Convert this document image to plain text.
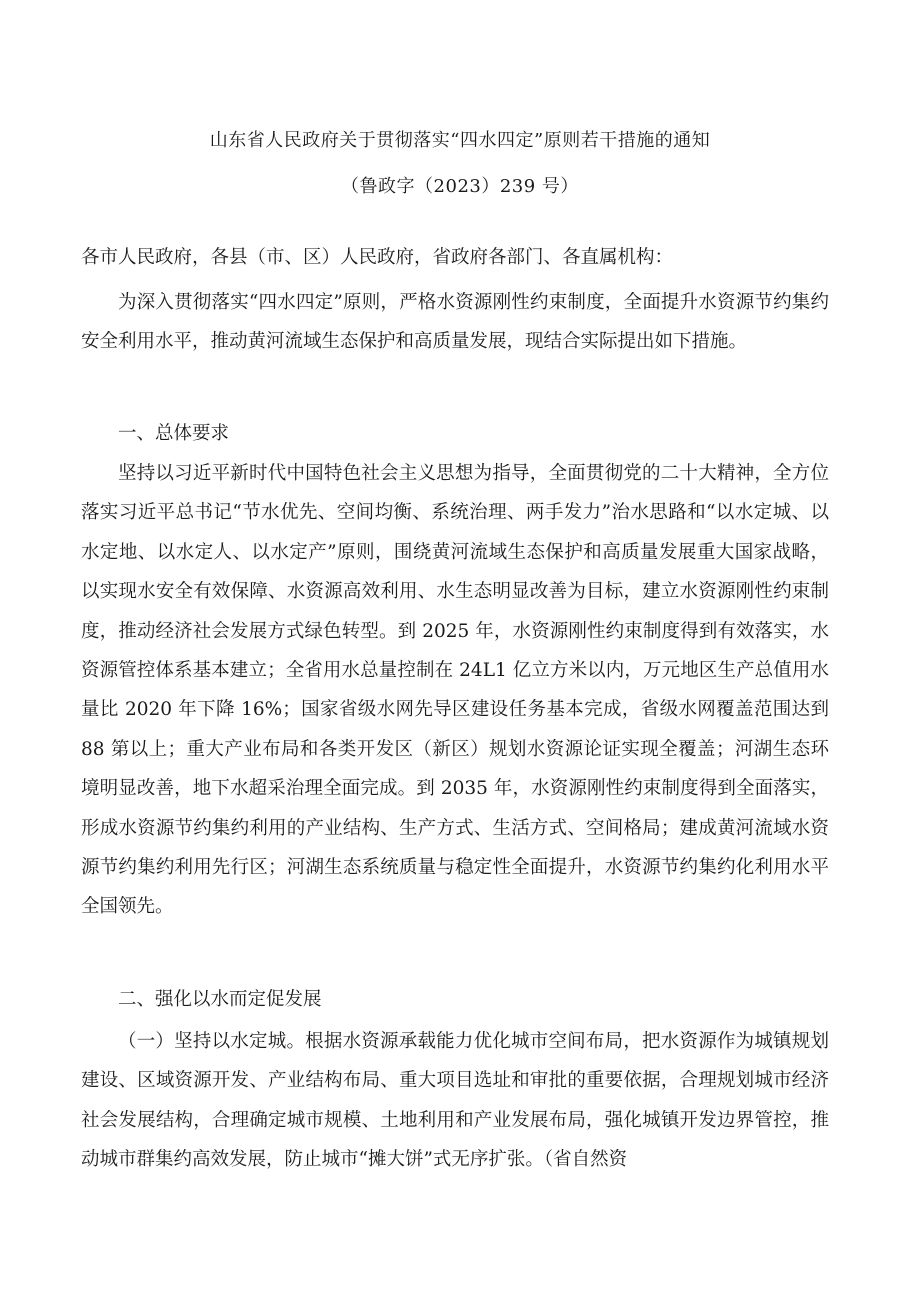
山东省人民政府关于贯彻落实“四水四定”原则若干措施的通知
（鲁政字（2023）239 号）

各市人民政府，各县（市、区）人民政府，省政府各部门、各直属机构：

为深入贯彻落实“四水四定”原则，严格水资源刚性约束制度，全面提升水资源节约集约安全利用水平，推动黄河流域生态保护和高质量发展，现结合实际提出如下措施。

一、总体要求

坚持以习近平新时代中国特色社会主义思想为指导，全面贯彻党的二十大精神，全方位落实习近平总书记“节水优先、空间均衡、系统治理、两手发力”治水思路和“以水定城、以水定地、以水定人、以水定产”原则，围绕黄河流域生态保护和高质量发展重大国家战略，以实现水安全有效保障、水资源高效利用、水生态明显改善为目标，建立水资源刚性约束制度，推动经济社会发展方式绿色转型。到 2025 年，水资源刚性约束制度得到有效落实，水资源管控体系基本建立；全省用水总量控制在 24L1 亿立方米以内，万元地区生产总值用水量比 2020 年下降 16%；国家省级水网先导区建设任务基本完成，省级水网覆盖范围达到 88 第以上；重大产业布局和各类开发区（新区）规划水资源论证实现全覆盖；河湖生态环境明显改善，地下水超采治理全面完成。到 2035 年，水资源刚性约束制度得到全面落实，形成水资源节约集约利用的产业结构、生产方式、生活方式、空间格局；建成黄河流域水资源节约集约利用先行区；河湖生态系统质量与稳定性全面提升，水资源节约集约化利用水平全国领先。

二、强化以水而定促发展

（一）坚持以水定城。根据水资源承载能力优化城市空间布局，把水资源作为城镇规划建设、区域资源开发、产业结构布局、重大项目选址和审批的重要依据，合理规划城市经济社会发展结构，合理确定城市规模、土地利用和产业发展布局，强化城镇开发边界管控，推动城市群集约高效发展，防止城市“摊大饼”式无序扩张。（省自然资
